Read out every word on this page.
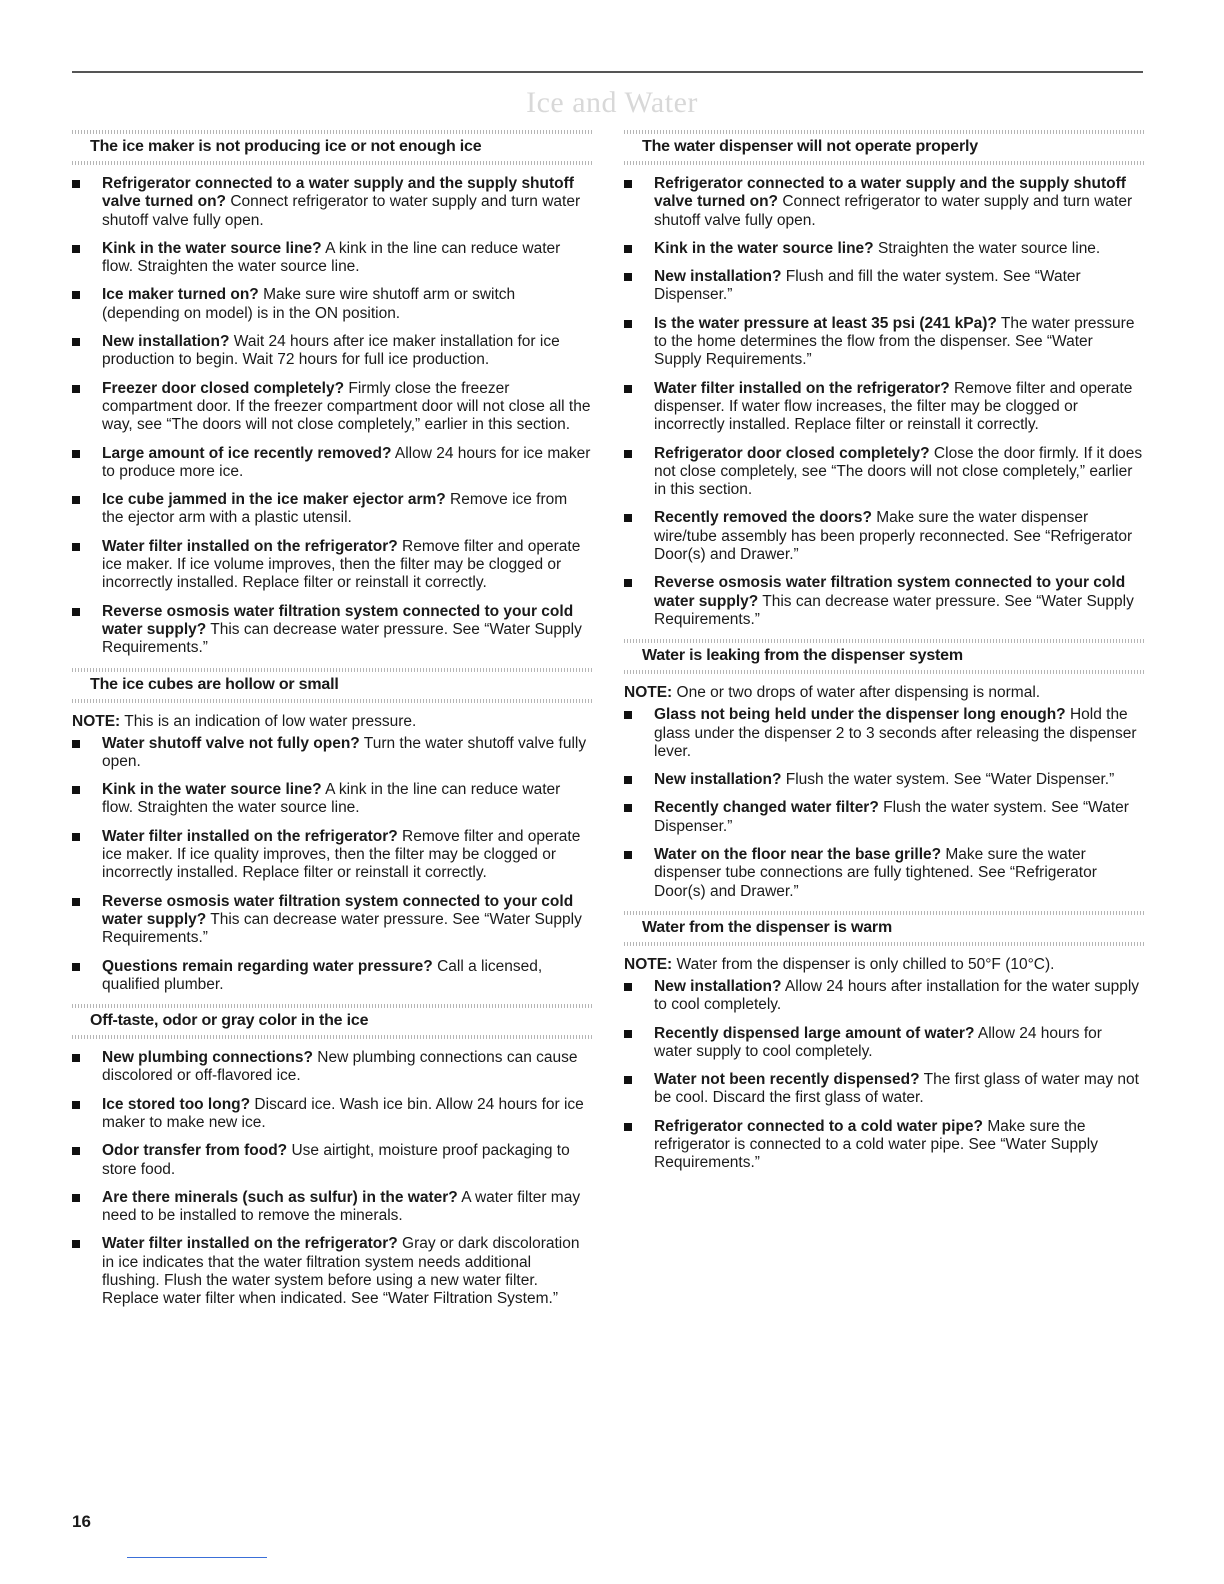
Ice and Water
The ice maker is not producing ice or not enough ice
Refrigerator connected to a water supply and the supply shutoff valve turned on? Connect refrigerator to water supply and turn water shutoff valve fully open.
Kink in the water source line? A kink in the line can reduce water flow. Straighten the water source line.
Ice maker turned on? Make sure wire shutoff arm or switch (depending on model) is in the ON position.
New installation? Wait 24 hours after ice maker installation for ice production to begin. Wait 72 hours for full ice production.
Freezer door closed completely? Firmly close the freezer compartment door. If the freezer compartment door will not close all the way, see “The doors will not close completely,” earlier in this section.
Large amount of ice recently removed? Allow 24 hours for ice maker to produce more ice.
Ice cube jammed in the ice maker ejector arm? Remove ice from the ejector arm with a plastic utensil.
Water filter installed on the refrigerator? Remove filter and operate ice maker. If ice volume improves, then the filter may be clogged or incorrectly installed. Replace filter or reinstall it correctly.
Reverse osmosis water filtration system connected to your cold water supply? This can decrease water pressure. See “Water Supply Requirements.”
The ice cubes are hollow or small

NOTE: This is an indication of low water pressure.

Water shutoff valve not fully open? Turn the water shutoff valve fully open.
Kink in the water source line? A kink in the line can reduce water flow. Straighten the water source line.
Water filter installed on the refrigerator? Remove filter and operate ice maker. If ice quality improves, then the filter may be clogged or incorrectly installed. Replace filter or reinstall it correctly.
Reverse osmosis water filtration system connected to your cold water supply? This can decrease water pressure. See “Water Supply Requirements.”
Questions remain regarding water pressure? Call a licensed, qualified plumber.
Off-taste, odor or gray color in the ice
New plumbing connections? New plumbing connections can cause discolored or off-flavored ice.
Ice stored too long? Discard ice. Wash ice bin. Allow 24 hours for ice maker to make new ice.
Odor transfer from food? Use airtight, moisture proof packaging to store food.
Are there minerals (such as sulfur) in the water? A water filter may need to be installed to remove the minerals.
Water filter installed on the refrigerator? Gray or dark discoloration in ice indicates that the water filtration system needs additional flushing. Flush the water system before using a new water filter. Replace water filter when indicated. See “Water Filtration System.”
The water dispenser will not operate properly
Refrigerator connected to a water supply and the supply shutoff valve turned on? Connect refrigerator to water supply and turn water shutoff valve fully open.
Kink in the water source line? Straighten the water source line.
New installation? Flush and fill the water system. See “Water Dispenser.”
Is the water pressure at least 35 psi (241 kPa)? The water pressure to the home determines the flow from the dispenser. See “Water Supply Requirements.”
Water filter installed on the refrigerator? Remove filter and operate dispenser. If water flow increases, the filter may be clogged or incorrectly installed. Replace filter or reinstall it correctly.
Refrigerator door closed completely? Close the door firmly. If it does not close completely, see “The doors will not close completely,” earlier in this section.
Recently removed the doors? Make sure the water dispenser wire/tube assembly has been properly reconnected. See “Refrigerator Door(s) and Drawer.”
Reverse osmosis water filtration system connected to your cold water supply? This can decrease water pressure. See “Water Supply Requirements.”
Water is leaking from the dispenser system

NOTE: One or two drops of water after dispensing is normal.

Glass not being held under the dispenser long enough? Hold the glass under the dispenser 2 to 3 seconds after releasing the dispenser lever.
New installation? Flush the water system. See “Water Dispenser.”
Recently changed water filter? Flush the water system. See “Water Dispenser.”
Water on the floor near the base grille? Make sure the water dispenser tube connections are fully tightened. See “Refrigerator Door(s) and Drawer.”
Water from the dispenser is warm

NOTE: Water from the dispenser is only chilled to 50°F (10°C).

New installation? Allow 24 hours after installation for the water supply to cool completely.
Recently dispensed large amount of water? Allow 24 hours for water supply to cool completely.
Water not been recently dispensed? The first glass of water may not be cool. Discard the first glass of water.
Refrigerator connected to a cold water pipe? Make sure the refrigerator is connected to a cold water pipe. See “Water Supply Requirements.”
16
